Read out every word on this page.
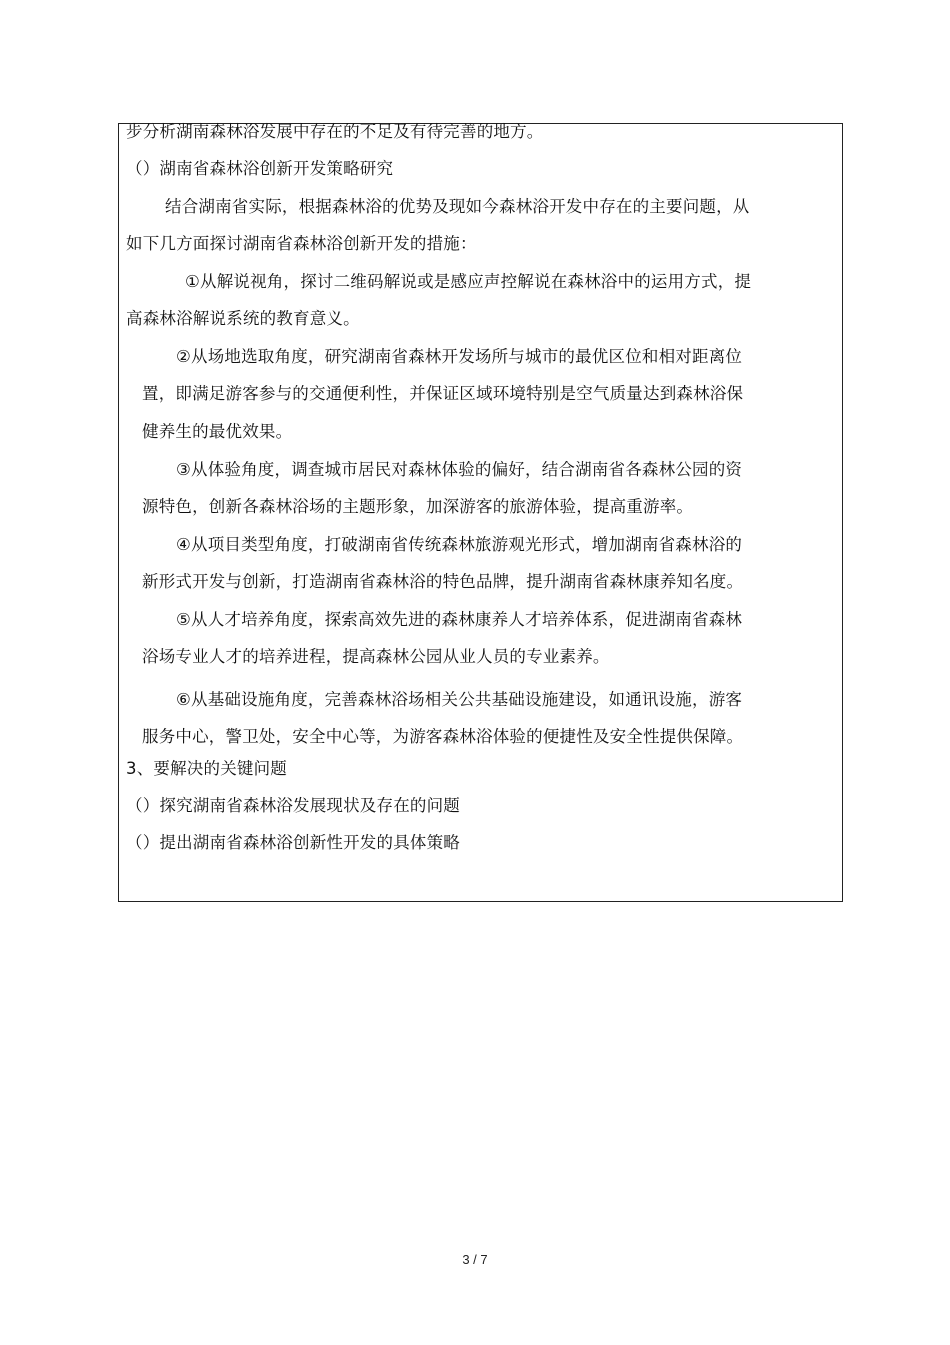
步分析湖南森林浴发展中存在的不足及有待完善的地方。
（）湖南省森林浴创新开发策略研究
结合湖南省实际，根据森林浴的优势及现如今森林浴开发中存在的主要问题，从
如下几方面探讨湖南省森林浴创新开发的措施：
①从解说视角，探讨二维码解说或是感应声控解说在森林浴中的运用方式，提
高森林浴解说系统的教育意义。
②从场地选取角度，研究湖南省森林开发场所与城市的最优区位和相对距离位
置，即满足游客参与的交通便利性，并保证区域环境特别是空气质量达到森林浴保
健养生的最优效果。
③从体验角度，调查城市居民对森林体验的偏好，结合湖南省各森林公园的资
源特色，创新各森林浴场的主题形象，加深游客的旅游体验，提高重游率。
④从项目类型角度，打破湖南省传统森林旅游观光形式，增加湖南省森林浴的
新形式开发与创新，打造湖南省森林浴的特色品牌，提升湖南省森林康养知名度。
⑤从人才培养角度，探索高效先进的森林康养人才培养体系，促进湖南省森林
浴场专业人才的培养进程，提高森林公园从业人员的专业素养。
⑥从基础设施角度，完善森林浴场相关公共基础设施建设，如通讯设施，游客
服务中心，警卫处，安全中心等，为游客森林浴体验的便捷性及安全性提供保障。
3、要解决的关键问题
（）探究湖南省森林浴发展现状及存在的问题
（）提出湖南省森林浴创新性开发的具体策略
3 / 7
